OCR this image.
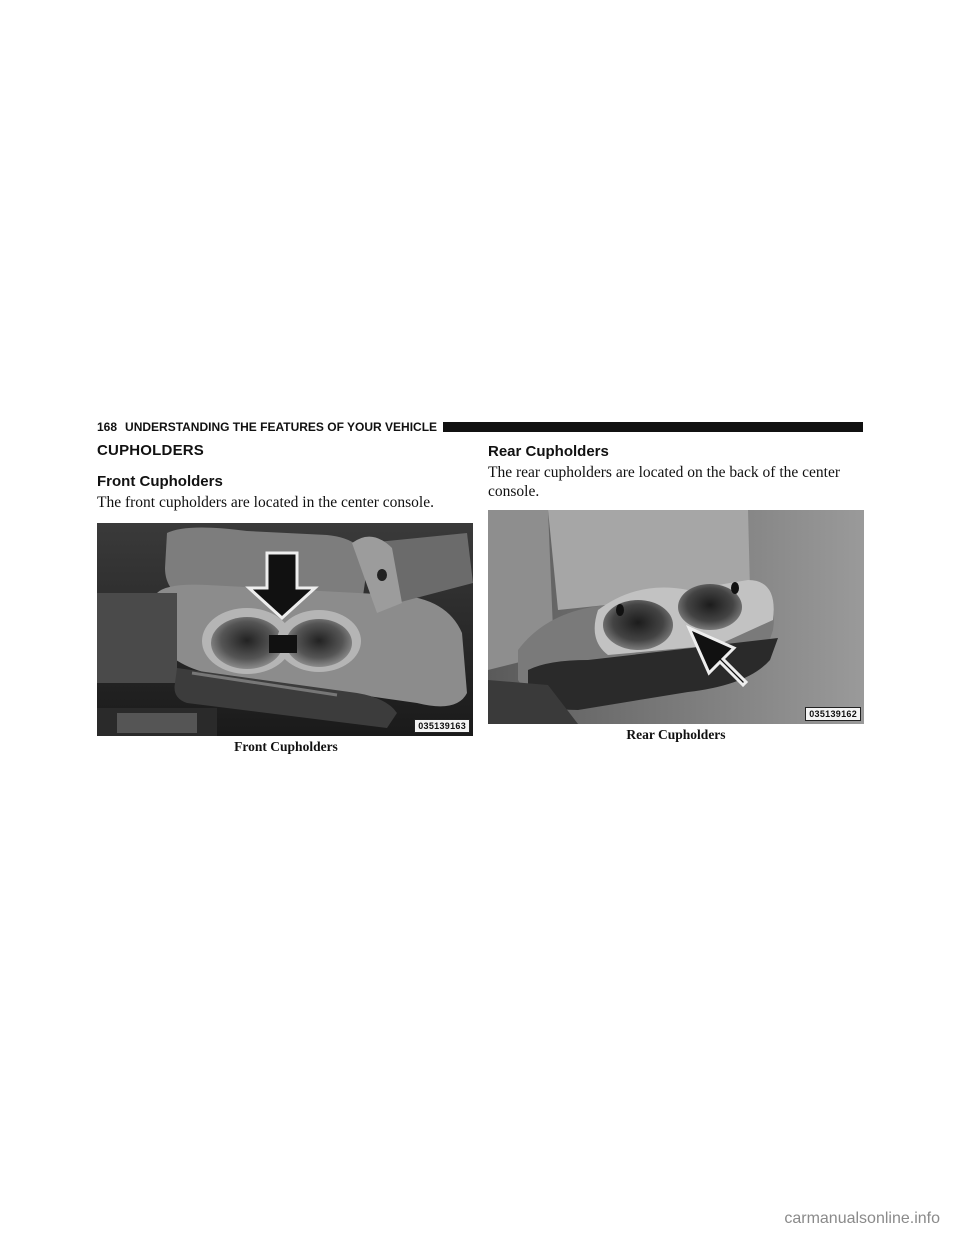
168 UNDERSTANDING THE FEATURES OF YOUR VEHICLE
CUPHOLDERS
Front Cupholders

The front cupholders are located in the center console.

035139163
Front Cupholders
Rear Cupholders

The rear cupholders are located on the back of the center console.

035139162
Rear Cupholders
carmanualsonline.info
